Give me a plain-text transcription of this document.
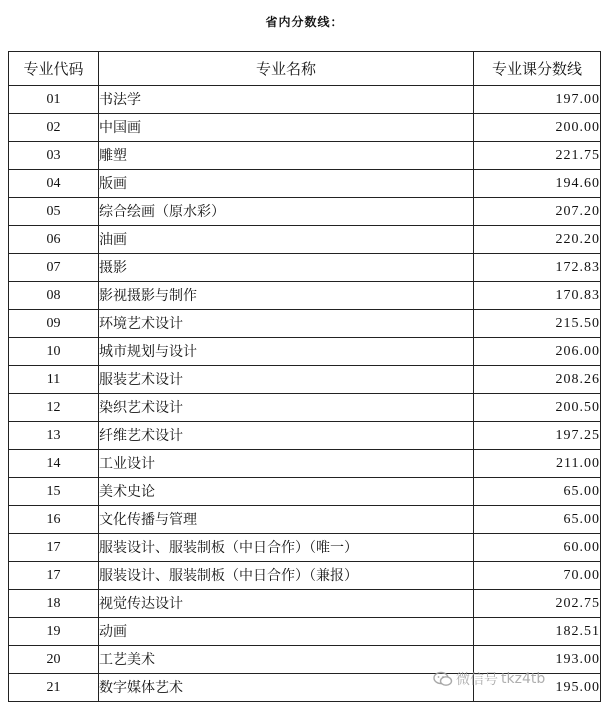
省内分数线：
专业代码	专业名称	专业课分数线
01	书法学	197.00
02	中国画	200.00
03	雕塑	221.75
04	版画	194.60
05	综合绘画（原水彩）	207.20
06	油画	220.20
07	摄影	172.83
08	影视摄影与制作	170.83
09	环境艺术设计	215.50
10	城市规划与设计	206.00
11	服装艺术设计	208.26
12	染织艺术设计	200.50
13	纤维艺术设计	197.25
14	工业设计	211.00
15	美术史论	65.00
16	文化传播与管理	65.00
17	服装设计、服装制板（中日合作）（唯一）	60.00
17	服装设计、服装制板（中日合作）（兼报）	70.00
18	视觉传达设计	202.75
19	动画	182.51
20	工艺美术	193.00
21	数字媒体艺术	195.00
微信号 tkz4tb
